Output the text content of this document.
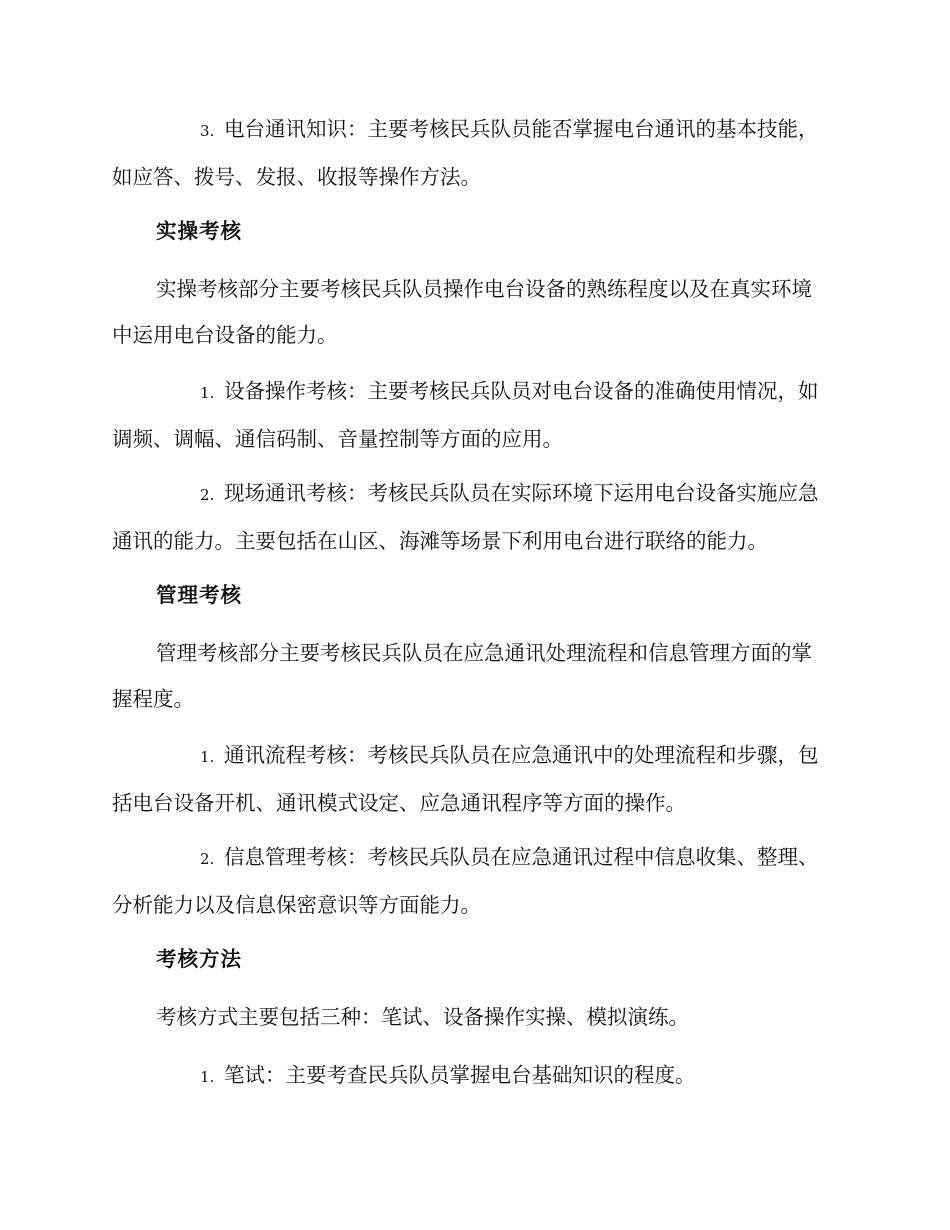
3. 电台通讯知识：主要考核民兵队员能否掌握电台通讯的基本技能，如应答、拨号、发报、收报等操作方法。

实操考核

实操考核部分主要考核民兵队员操作电台设备的熟练程度以及在真实环境中运用电台设备的能力。

1. 设备操作考核：主要考核民兵队员对电台设备的准确使用情况，如调频、调幅、通信码制、音量控制等方面的应用。

2. 现场通讯考核：考核民兵队员在实际环境下运用电台设备实施应急通讯的能力。主要包括在山区、海滩等场景下利用电台进行联络的能力。

管理考核

管理考核部分主要考核民兵队员在应急通讯处理流程和信息管理方面的掌握程度。

1. 通讯流程考核：考核民兵队员在应急通讯中的处理流程和步骤，包括电台设备开机、通讯模式设定、应急通讯程序等方面的操作。

2. 信息管理考核：考核民兵队员在应急通讯过程中信息收集、整理、分析能力以及信息保密意识等方面能力。

考核方法

考核方式主要包括三种：笔试、设备操作实操、模拟演练。

1. 笔试：主要考查民兵队员掌握电台基础知识的程度。
